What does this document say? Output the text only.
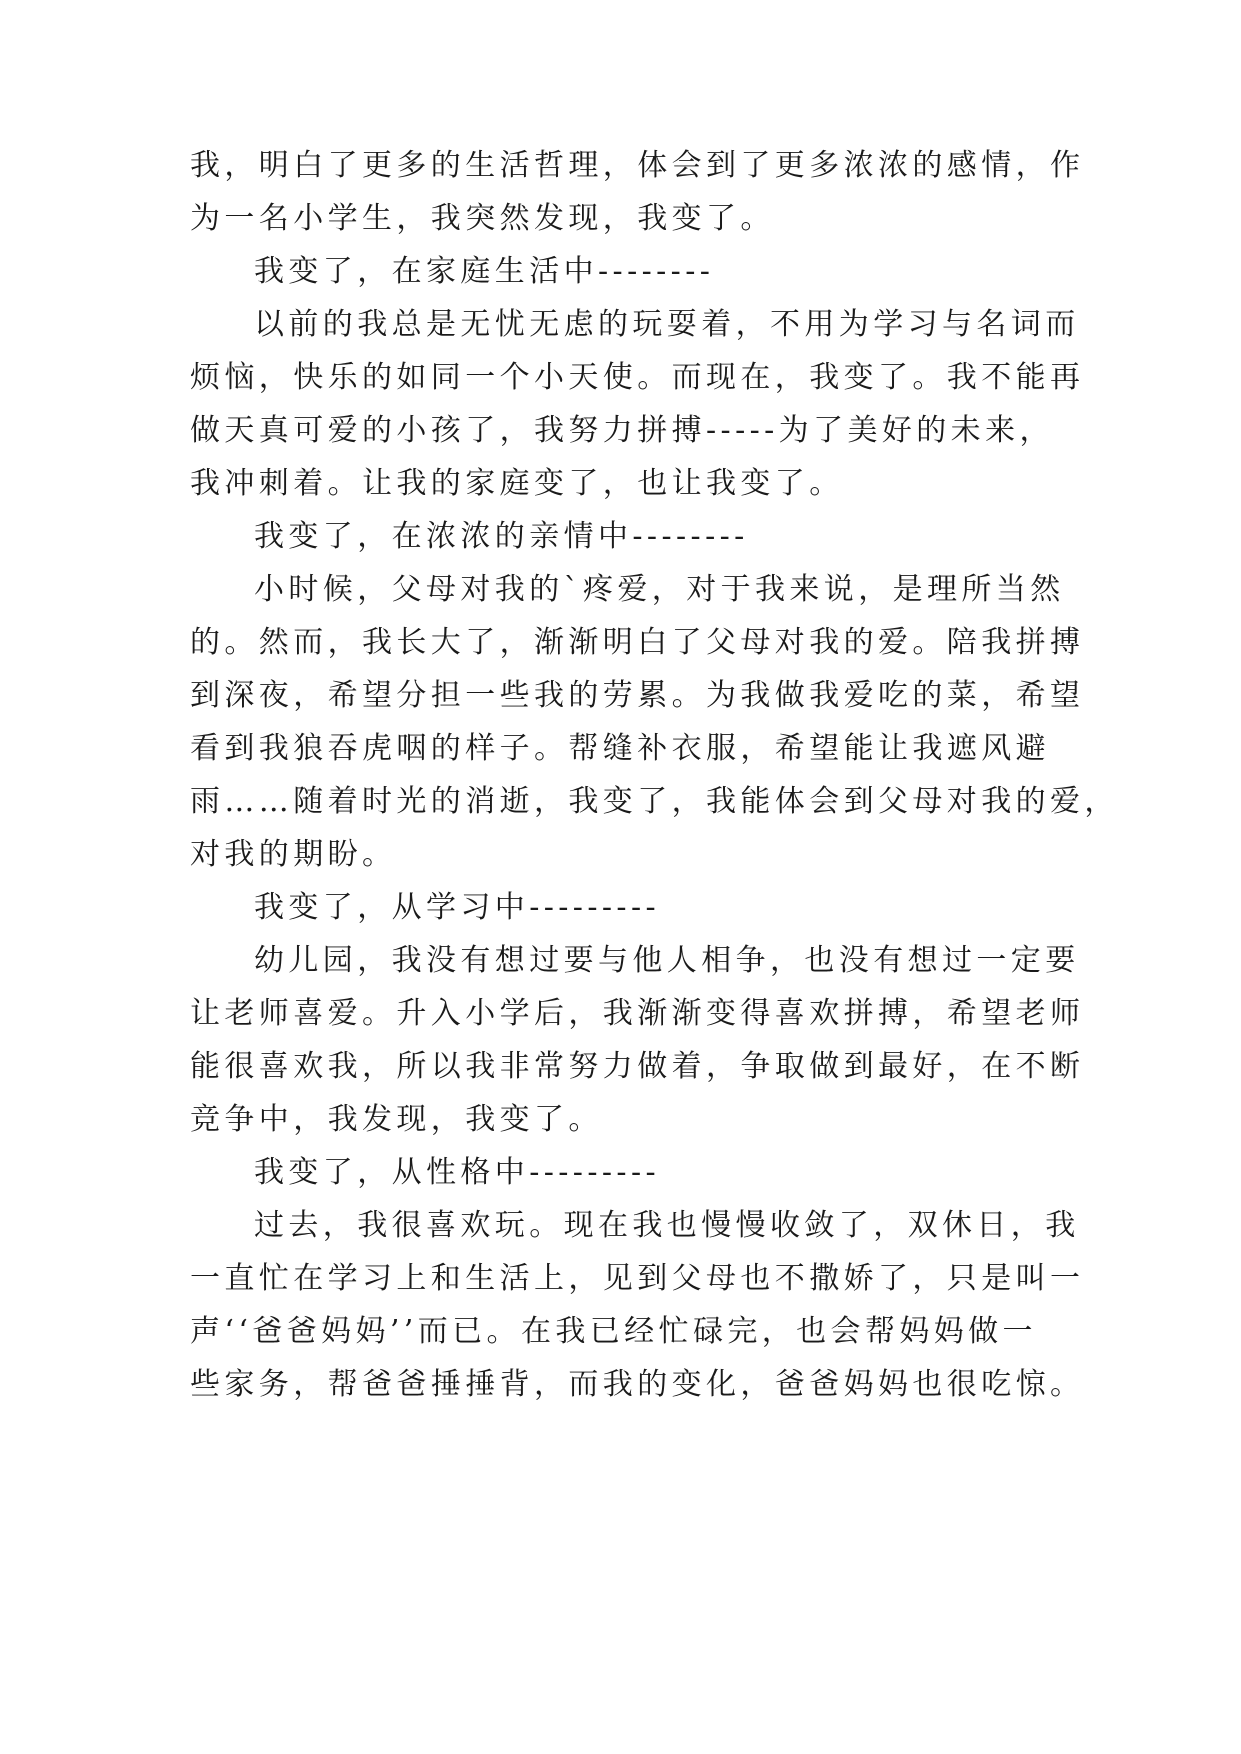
我，明白了更多的生活哲理，体会到了更多浓浓的感情，作
为一名小学生，我突然发现，我变了。
我变了，在家庭生活中--------
以前的我总是无忧无虑的玩耍着，不用为学习与名词而
烦恼，快乐的如同一个小天使。而现在，我变了。我不能再
做天真可爱的小孩了，我努力拼搏-----为了美好的未来，
我冲刺着。让我的家庭变了，也让我变了。
我变了，在浓浓的亲情中--------
小时候，父母对我的`疼爱，对于我来说，是理所当然
的。然而，我长大了，渐渐明白了父母对我的爱。陪我拼搏
到深夜，希望分担一些我的劳累。为我做我爱吃的菜，希望
看到我狼吞虎咽的样子。帮缝补衣服，希望能让我遮风避
雨……随着时光的消逝，我变了，我能体会到父母对我的爱，
对我的期盼。
我变了，从学习中---------
幼儿园，我没有想过要与他人相争，也没有想过一定要
让老师喜爱。升入小学后，我渐渐变得喜欢拼搏，希望老师
能很喜欢我，所以我非常努力做着，争取做到最好，在不断
竞争中，我发现，我变了。
我变了，从性格中---------
过去，我很喜欢玩。现在我也慢慢收敛了，双休日，我
一直忙在学习上和生活上，见到父母也不撒娇了，只是叫一
声‘‘爸爸妈妈’’而已。在我已经忙碌完，也会帮妈妈做一
些家务，帮爸爸捶捶背，而我的变化，爸爸妈妈也很吃惊。
